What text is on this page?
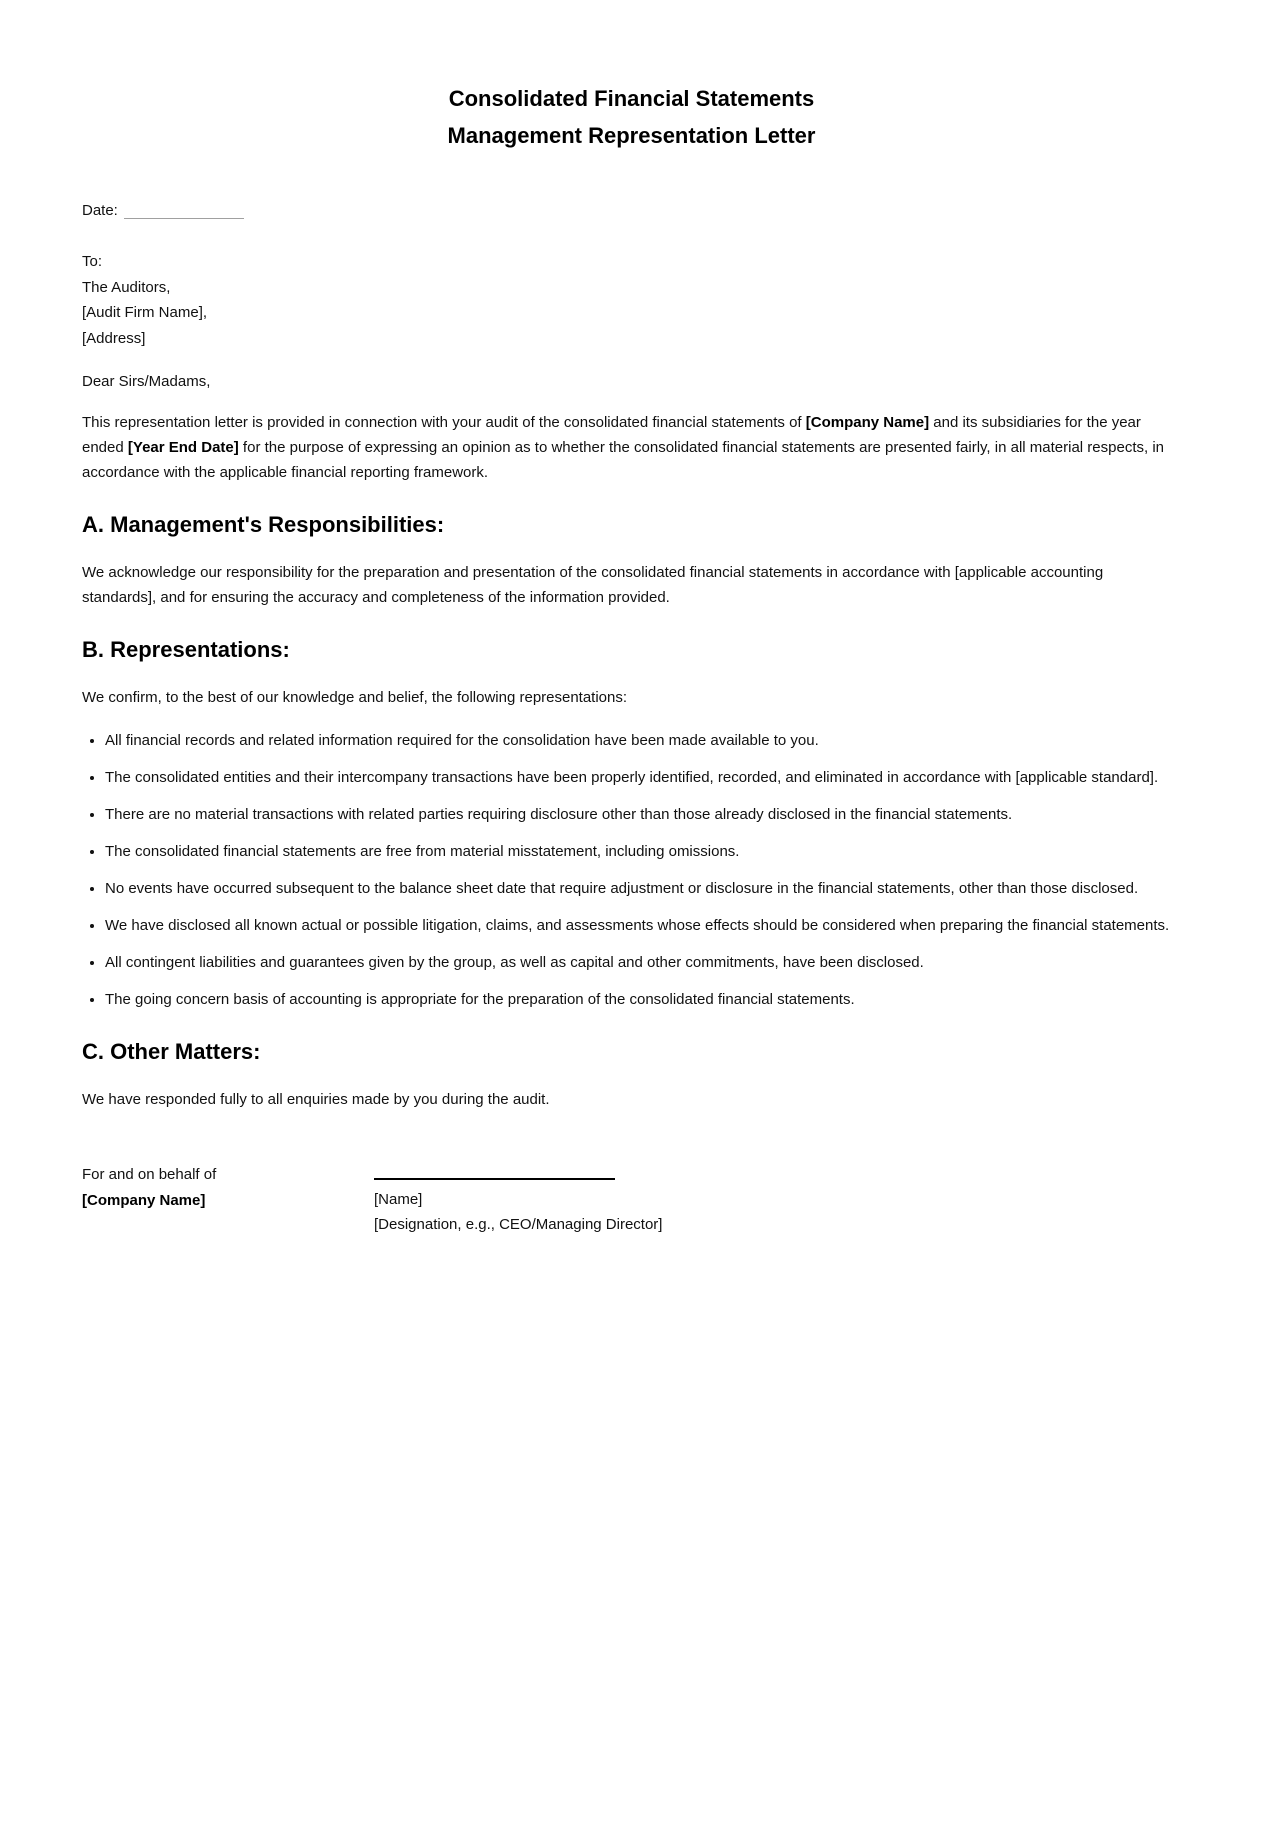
Consolidated Financial Statements
Management Representation Letter

Date:

To:
The Auditors,
[Audit Firm Name],
[Address]

Dear Sirs/Madams,

This representation letter is provided in connection with your audit of the consolidated financial statements of [Company Name] and its subsidiaries for the year ended [Year End Date] for the purpose of expressing an opinion as to whether the consolidated financial statements are presented fairly, in all material respects, in accordance with the applicable financial reporting framework.

A. Management's Responsibilities:

We acknowledge our responsibility for the preparation and presentation of the consolidated financial statements in accordance with [applicable accounting standards], and for ensuring the accuracy and completeness of the information provided.

B. Representations:

We confirm, to the best of our knowledge and belief, the following representations:

• All financial records and related information required for the consolidation have been made available to you.
• The consolidated entities and their intercompany transactions have been properly identified, recorded, and eliminated in accordance with [applicable standard].
• There are no material transactions with related parties requiring disclosure other than those already disclosed in the financial statements.
• The consolidated financial statements are free from material misstatement, including omissions.
• No events have occurred subsequent to the balance sheet date that require adjustment or disclosure in the financial statements, other than those disclosed.
• We have disclosed all known actual or possible litigation, claims, and assessments whose effects should be considered when preparing the financial statements.
• All contingent liabilities and guarantees given by the group, as well as capital and other commitments, have been disclosed.
• The going concern basis of accounting is appropriate for the preparation of the consolidated financial statements.
C. Other Matters:

We have responded fully to all enquiries made by you during the audit.

For and on behalf of
[Company Name]	[Name]
[Designation, e.g., CEO/Managing Director]
